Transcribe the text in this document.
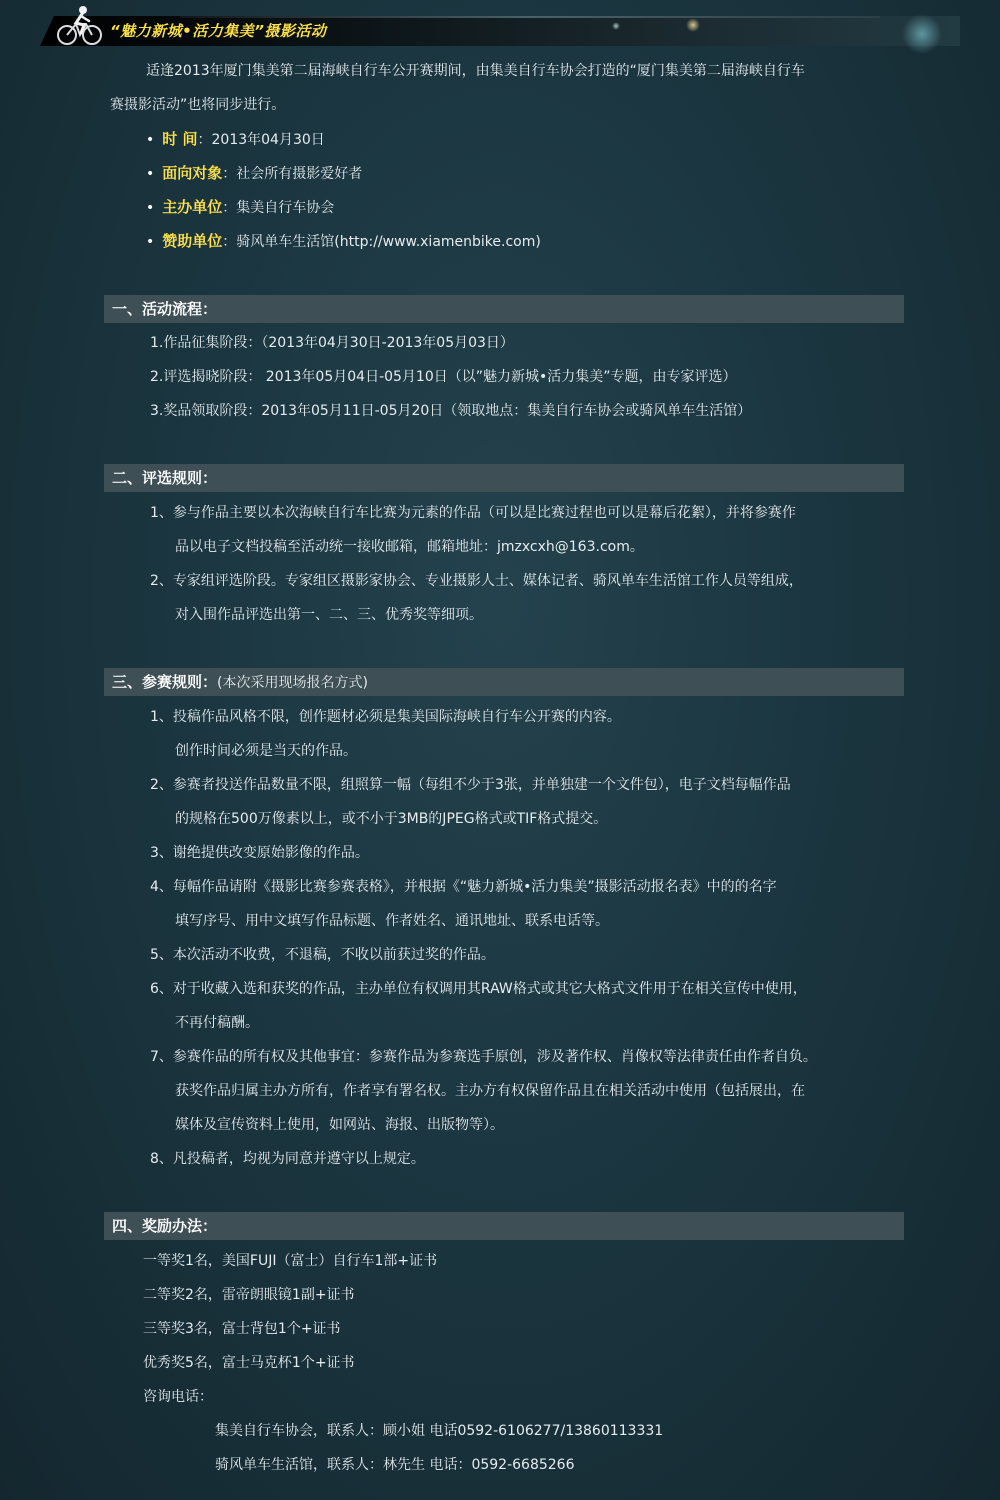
“魅力新城•活力集美”摄影活动
适逢2013年厦门集美第二届海峡自行车公开赛期间，由集美自行车协会打造的“厦门集美第二届海峡自行车
赛摄影活动”也将同步进行。
• 时 间：2013年04月30日
• 面向对象：社会所有摄影爱好者
• 主办单位：集美自行车协会
• 赞助单位：骑风单车生活馆(http://www.xiamenbike.com)
一、活动流程：
1.作品征集阶段：（2013年04月30日-2013年05月03日）
2.评选揭晓阶段： 2013年05月04日-05月10日（以”魅力新城•活力集美”专题，由专家评选）
3.奖品领取阶段：2013年05月11日-05月20日（领取地点：集美自行车协会或骑风单车生活馆）
二、评选规则：
1、参与作品主要以本次海峡自行车比赛为元素的作品（可以是比赛过程也可以是幕后花絮），并将参赛作
品以电子文档投稿至活动统一接收邮箱，邮箱地址：jmzxcxh@163.com。
2、专家组评选阶段。专家组区摄影家协会、专业摄影人士、媒体记者、骑风单车生活馆工作人员等组成，
对入围作品评选出第一、二、三、优秀奖等细项。
三、参赛规则：(本次采用现场报名方式)
1、投稿作品风格不限，创作题材必须是集美国际海峡自行车公开赛的内容。
创作时间必须是当天的作品。
2、参赛者投送作品数量不限，组照算一幅（每组不少于3张，并单独建一个文件包），电子文档每幅作品
的规格在500万像素以上，或不小于3MB的JPEG格式或TIF格式提交。
3、谢绝提供改变原始影像的作品。
4、每幅作品请附《摄影比赛参赛表格》，并根据《“魅力新城•活力集美”摄影活动报名表》中的的名字
填写序号、用中文填写作品标题、作者姓名、通讯地址、联系电话等。
5、本次活动不收费，不退稿，不收以前获过奖的作品。
6、对于收藏入选和获奖的作品，主办单位有权调用其RAW格式或其它大格式文件用于在相关宣传中使用，
不再付稿酬。
7、参赛作品的所有权及其他事宜：参赛作品为参赛选手原创，涉及著作权、肖像权等法律责任由作者自负。
获奖作品归属主办方所有，作者享有署名权。主办方有权保留作品且在相关活动中使用（包括展出，在
媒体及宣传资料上使用，如网站、海报、出版物等）。
8、凡投稿者，均视为同意并遵守以上规定。
四、奖励办法：
一等奖1名，美国FUJI（富士）自行车1部+证书
二等奖2名，雷帝朗眼镜1副+证书
三等奖3名，富士背包1个+证书
优秀奖5名，富士马克杯1个+证书
咨询电话：
集美自行车协会，联系人：顾小姐 电话0592-6106277/13860113331
骑风单车生活馆，联系人：林先生 电话：0592-6685266
